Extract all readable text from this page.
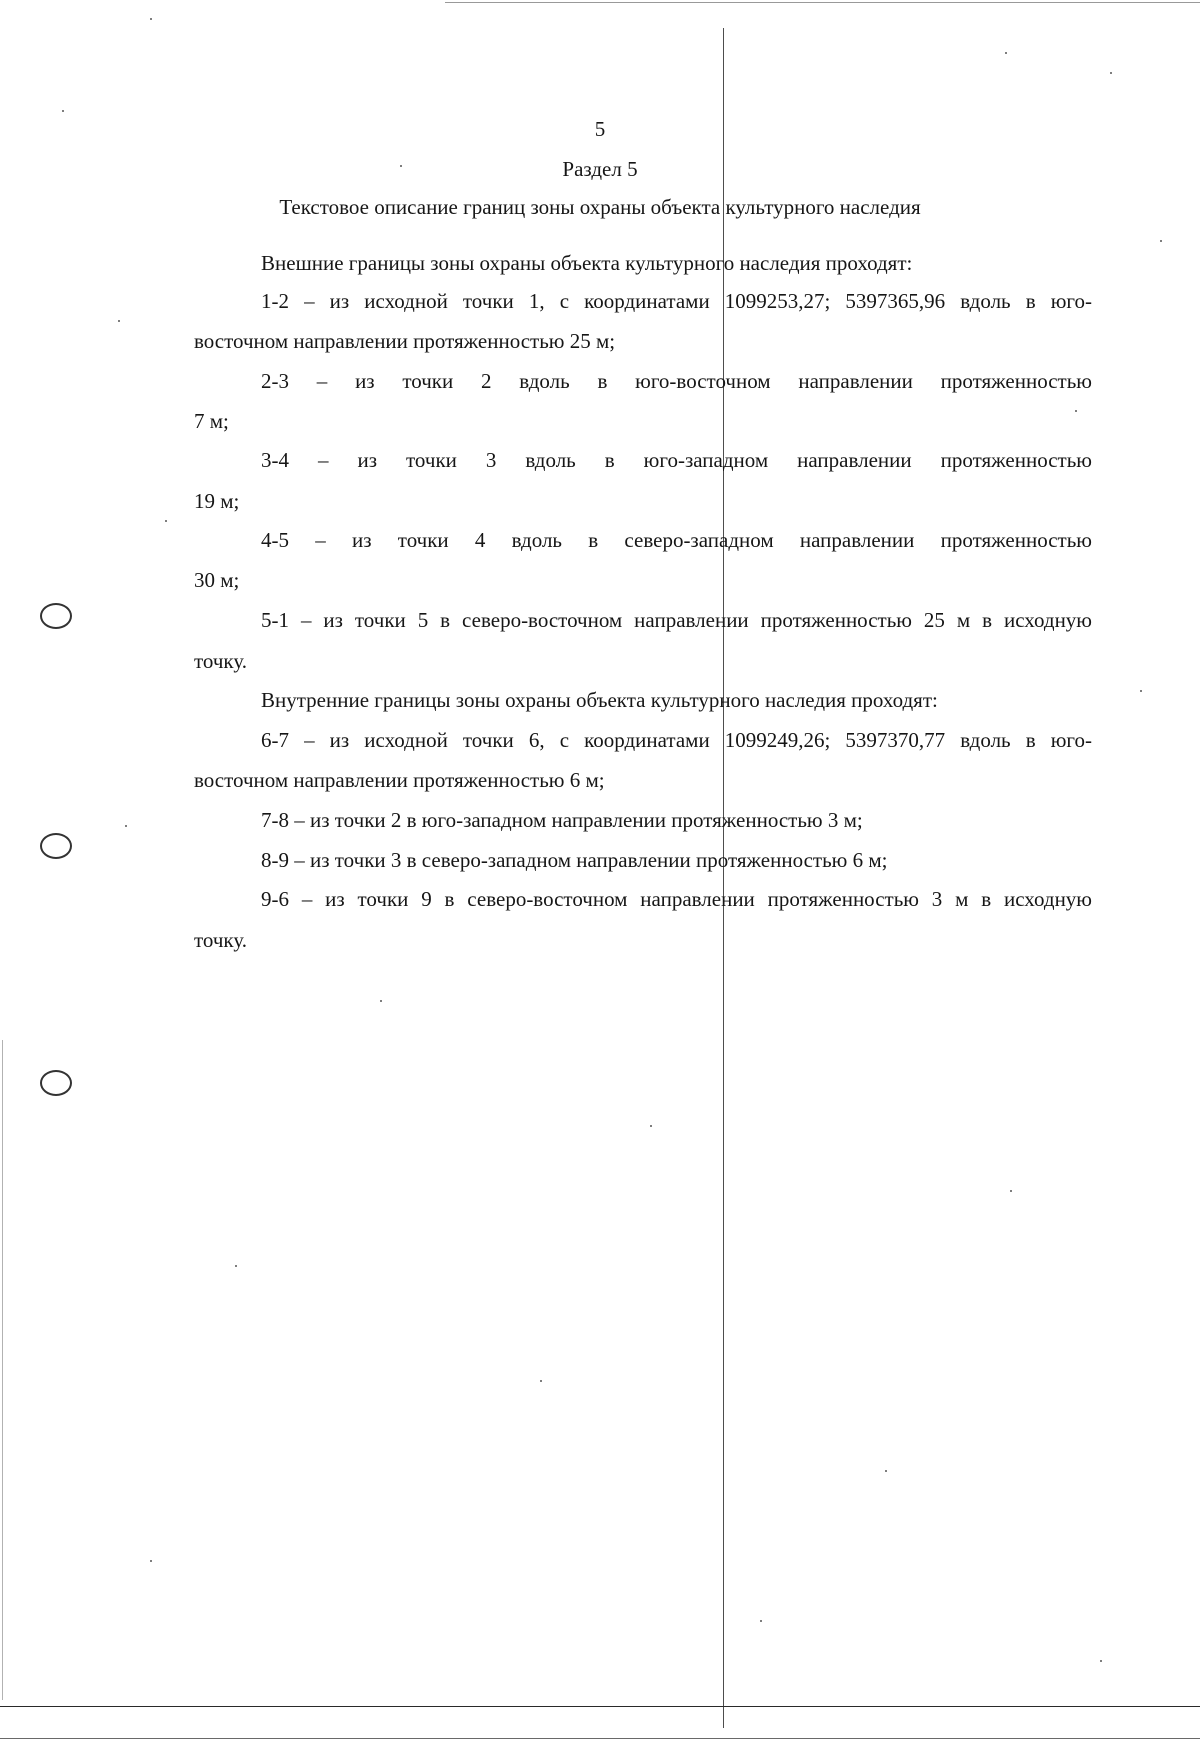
5
Раздел 5
Текстовое описание границ зоны охраны объекта культурного наследия
Внешние границы зоны охраны объекта культурного наследия проходят:
1-2 – из исходной точки 1, с координатами 1099253,27; 5397365,96 вдоль в юго-
восточном направлении протяженностью 25 м;
2-3 – из точки 2 вдоль в юго-восточном направлении протяженностью
7 м;
3-4 – из точки 3 вдоль в юго-западном направлении протяженностью
19 м;
4-5 – из точки 4 вдоль в северо-западном направлении протяженностью
30 м;
5-1 – из точки 5 в северо-восточном направлении протяженностью 25 м в исходную
точку.
Внутренние границы зоны охраны объекта культурного наследия проходят:
6-7 – из исходной точки 6, с координатами 1099249,26; 5397370,77 вдоль в юго-
восточном направлении протяженностью 6 м;
7-8 – из точки 2 в юго-западном направлении протяженностью 3 м;
8-9 – из точки 3 в северо-западном направлении протяженностью 6 м;
9-6 – из точки 9 в северо-восточном направлении протяженностью 3 м в исходную
точку.
